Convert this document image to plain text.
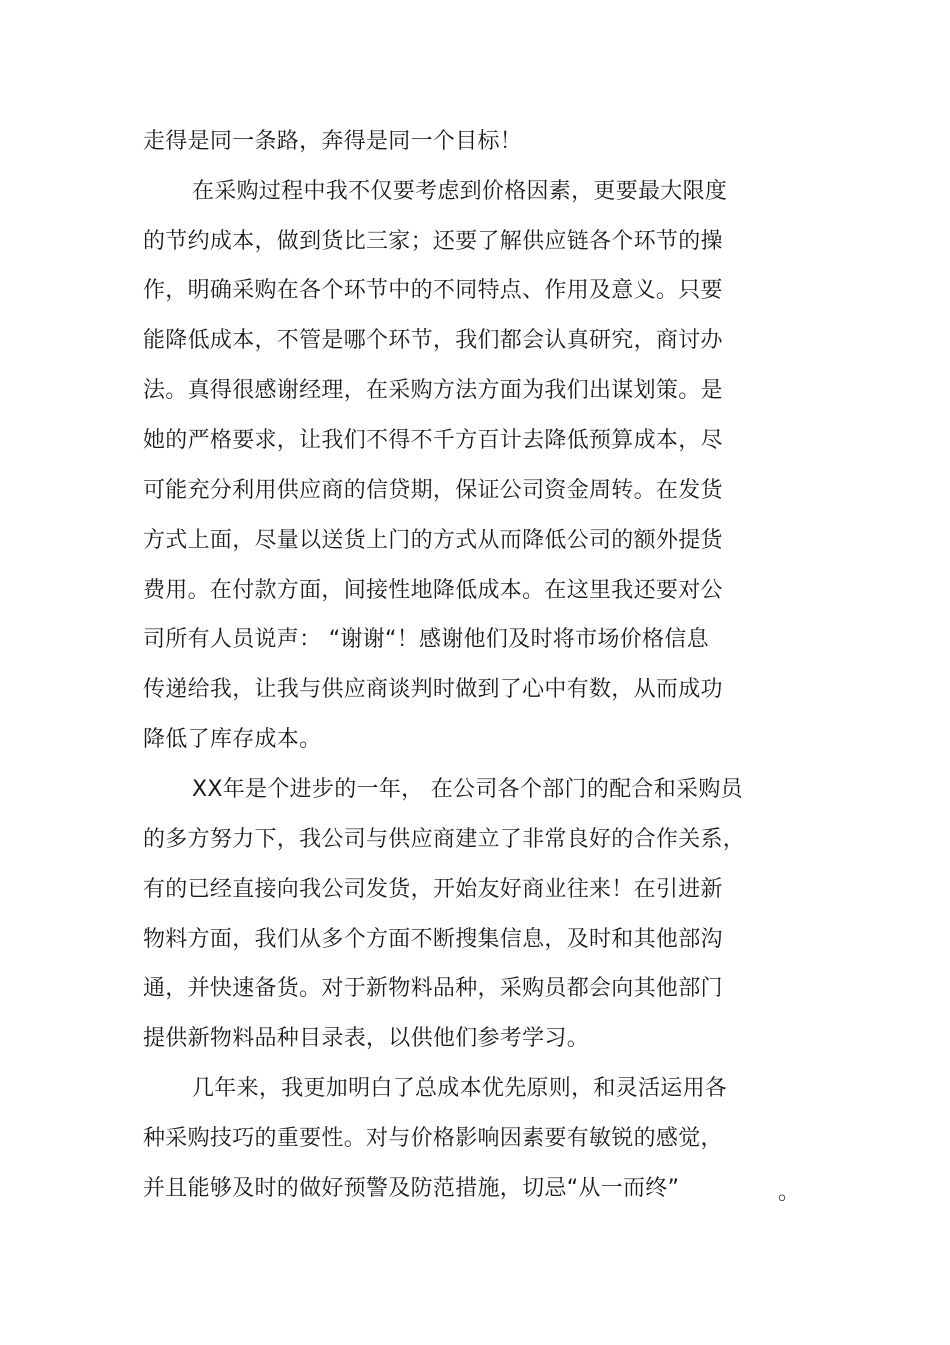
走得是同一条路，奔得是同一个目标！
在采购过程中我不仅要考虑到价格因素，更要最大限度
的节约成本，做到货比三家；还要了解供应链各个环节的操
作，明确采购在各个环节中的不同特点、作用及意义。只要
能降低成本，不管是哪个环节，我们都会认真研究，商讨办
法。真得很感谢经理，在采购方法方面为我们出谋划策。是
她的严格要求，让我们不得不千方百计去降低预算成本，尽
可能充分利用供应商的信贷期，保证公司资金周转。在发货
方式上面，尽量以送货上门的方式从而降低公司的额外提货
费用。在付款方面，间接性地降低成本。在这里我还要对公
司所有人员说声： “谢谢“！感谢他们及时将市场价格信息
传递给我，让我与供应商谈判时做到了心中有数，从而成功
降低了库存成本。
XX年是个进步的一年， 在公司各个部门的配合和采购员
的多方努力下，我公司与供应商建立了非常良好的合作关系，
有的已经直接向我公司发货，开始友好商业往来！在引进新
物料方面，我们从多个方面不断搜集信息，及时和其他部沟
通，并快速备货。对于新物料品种，采购员都会向其他部门
提供新物料品种目录表，以供他们参考学习。
几年来，我更加明白了总成本优先原则，和灵活运用各
种采购技巧的重要性。对与价格影响因素要有敏锐的感觉，
并且能够及时的做好预警及防范措施，切忌“从一而终”	。
